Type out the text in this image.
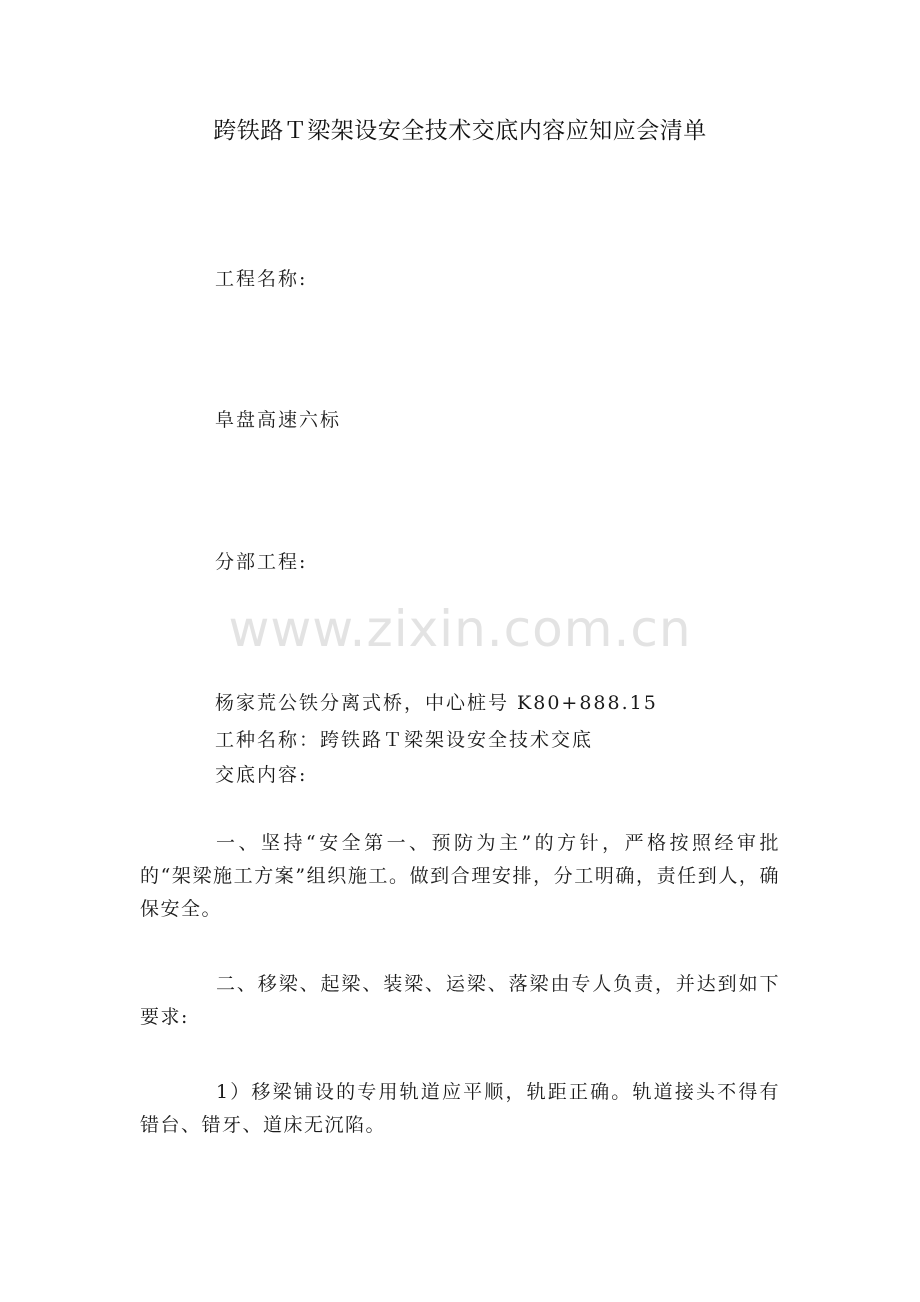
跨铁路Ｔ梁架设安全技术交底内容应知应会清单
工程名称:
阜盘高速六标
分部工程:
www.zixin.com.cn
杨家荒公铁分离式桥，中心桩号 K80+888.15
工种名称：跨铁路Ｔ梁架设安全技术交底
交底内容:
一、坚持“安全第一、预防为主”的方针，严格按照经审批的“架梁施工方案”组织施工。做到合理安排，分工明确，责任到人，确保安全。
二、移梁、起梁、装梁、运梁、落梁由专人负责，并达到如下要求:
1）移梁铺设的专用轨道应平顺，轨距正确。轨道接头不得有错台、错牙、道床无沉陷。
